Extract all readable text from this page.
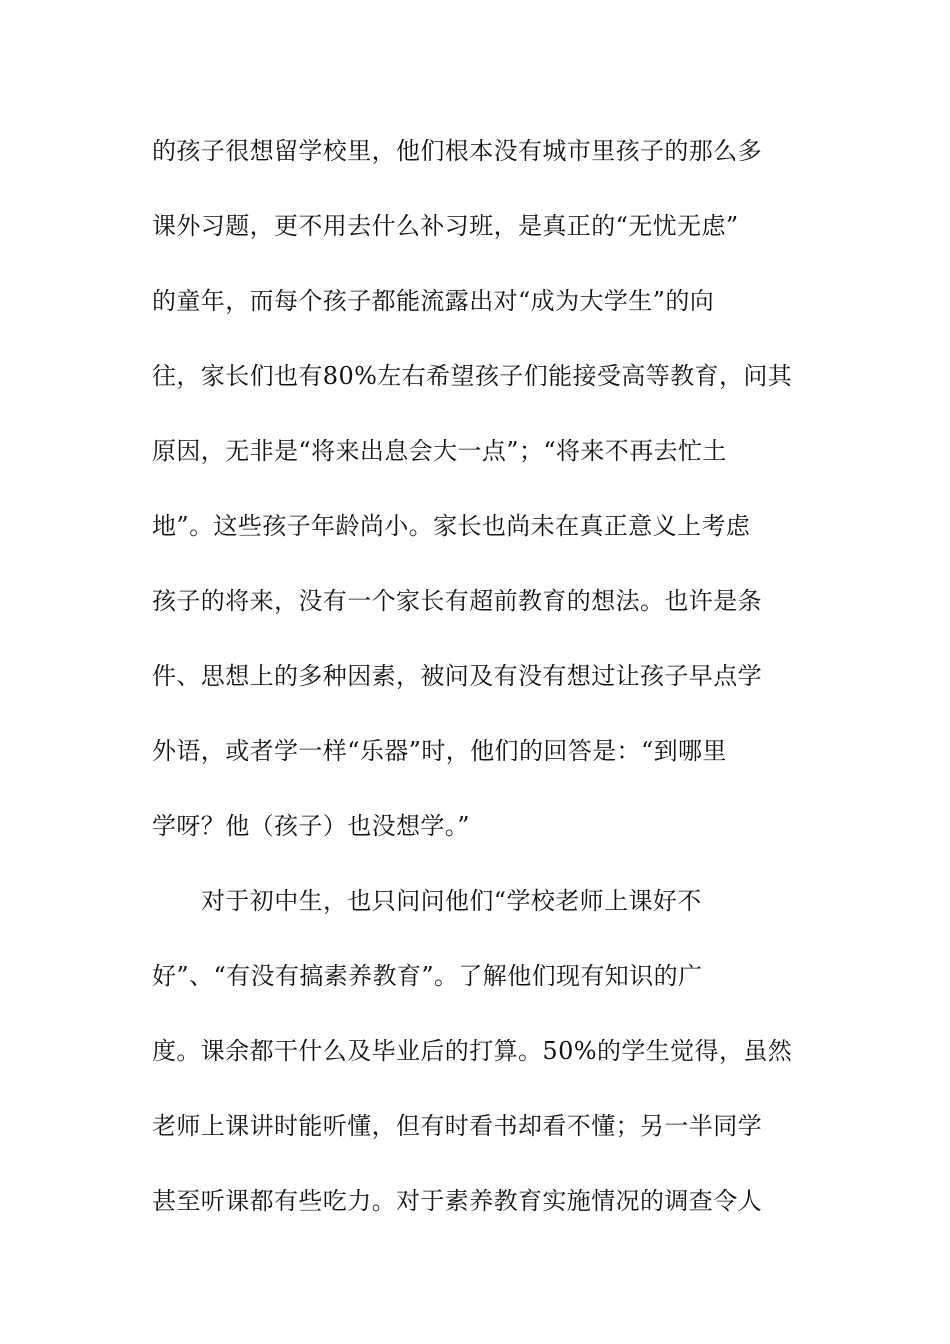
的孩子很想留学校里，他们根本没有城市里孩子的那么多
课外习题，更不用去什么补习班，是真正的“无忧无虑”
的童年，而每个孩子都能流露出对“成为大学生”的向
往，家长们也有80%左右希望孩子们能接受高等教育，问其
原因，无非是“将来出息会大一点”；“将来不再去忙土
地”。这些孩子年龄尚小。家长也尚未在真正意义上考虑
孩子的将来，没有一个家长有超前教育的想法。也许是条
件、思想上的多种因素，被问及有没有想过让孩子早点学
外语，或者学一样“乐器”时，他们的回答是：“到哪里
学呀？他（孩子）也没想学。”
对于初中生，也只问问他们“学校老师上课好不
好”、“有没有搞素养教育”。了解他们现有知识的广
度。课余都干什么及毕业后的打算。50%的学生觉得，虽然
老师上课讲时能听懂，但有时看书却看不懂；另一半同学
甚至听课都有些吃力。对于素养教育实施情况的调查令人
